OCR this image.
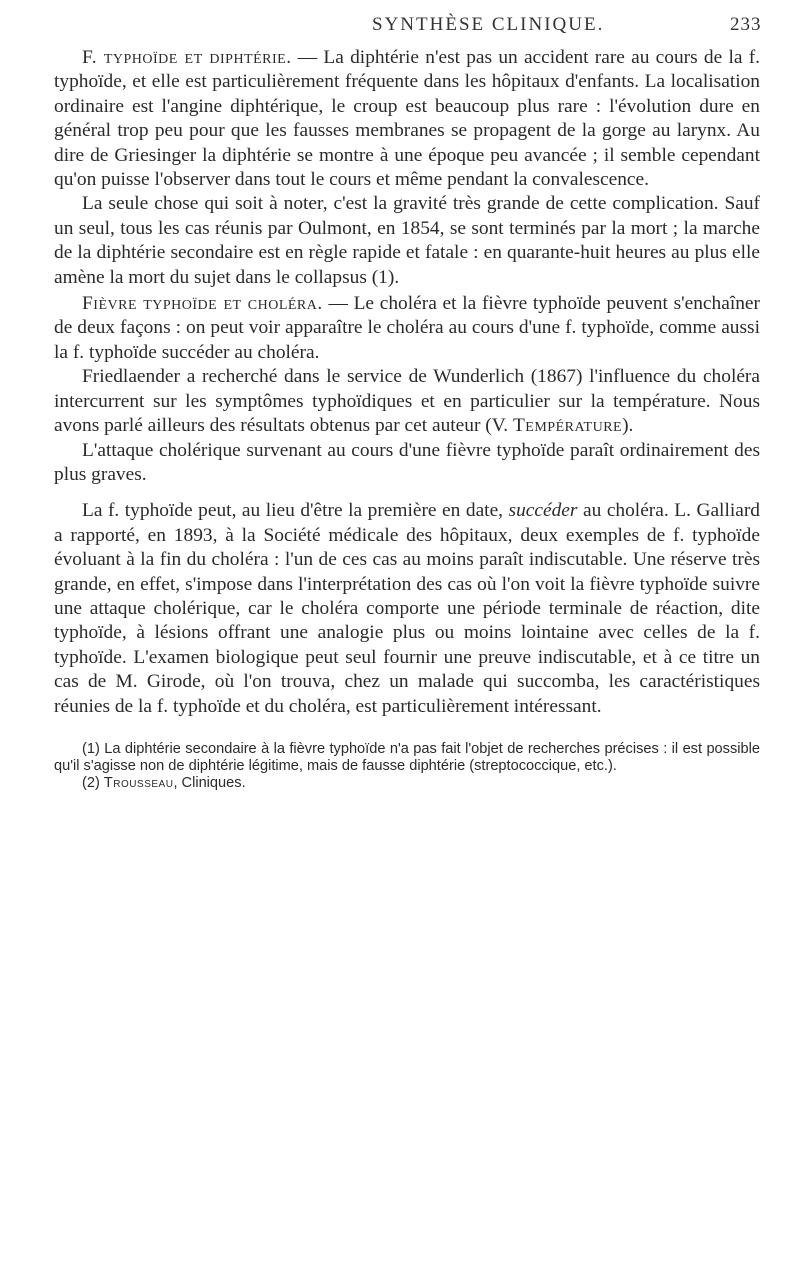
SYNTHÈSE CLINIQUE.	233

F. typhoïde et diphtérie. — La diphtérie n'est pas un accident rare au cours de la f. typhoïde, et elle est particulièrement fréquente dans les hôpitaux d'enfants. La localisation ordinaire est l'angine diphtérique, le croup est beaucoup plus rare : l'évolution dure en général trop peu pour que les fausses membranes se propagent de la gorge au larynx. Au dire de Griesinger la diphtérie se montre à une époque peu avancée ; il semble cependant qu'on puisse l'observer dans tout le cours et même pendant la convalescence.

La seule chose qui soit à noter, c'est la gravité très grande de cette complication. Sauf un seul, tous les cas réunis par Oulmont, en 1854, se sont terminés par la mort ; la marche de la diphtérie secondaire est en règle rapide et fatale : en quarante-huit heures au plus elle amène la mort du sujet dans le collapsus (1).

Fièvre typhoïde et choléra. — Le choléra et la fièvre typhoïde peuvent s'enchaîner de deux façons : on peut voir apparaître le choléra au cours d'une f. typhoïde, comme aussi la f. typhoïde succéder au choléra.

Friedlaender a recherché dans le service de Wunderlich (1867) l'influence du choléra intercurrent sur les symptômes typhoïdiques et en particulier sur la température. Nous avons parlé ailleurs des résultats obtenus par cet auteur (V. Température).

L'attaque cholérique survenant au cours d'une fièvre typhoïde paraît ordinairement des plus graves.

La f. typhoïde peut, au lieu d'être la première en date, succéder au choléra. L. Galliard a rapporté, en 1893, à la Société médicale des hôpitaux, deux exemples de f. typhoïde évoluant à la fin du choléra : l'un de ces cas au moins paraît indiscutable. Une réserve très grande, en effet, s'impose dans l'interprétation des cas où l'on voit la fièvre typhoïde suivre une attaque cholérique, car le choléra comporte une période terminale de réaction, dite typhoïde, à lésions offrant une analogie plus ou moins lointaine avec celles de la f. typhoïde. L'examen biologique peut seul fournir une preuve indiscutable, et à ce titre un cas de M. Girode, où l'on trouva, chez un malade qui succomba, les caractéristiques réunies de la f. typhoïde et du choléra, est particulièrement intéressant.

(1) La diphtérie secondaire à la fièvre typhoïde n'a pas fait l'objet de recherches précises : il est possible qu'il s'agisse non de diphtérie légitime, mais de fausse diphtérie (streptococcique, etc.).

(2) Trousseau, Cliniques.
